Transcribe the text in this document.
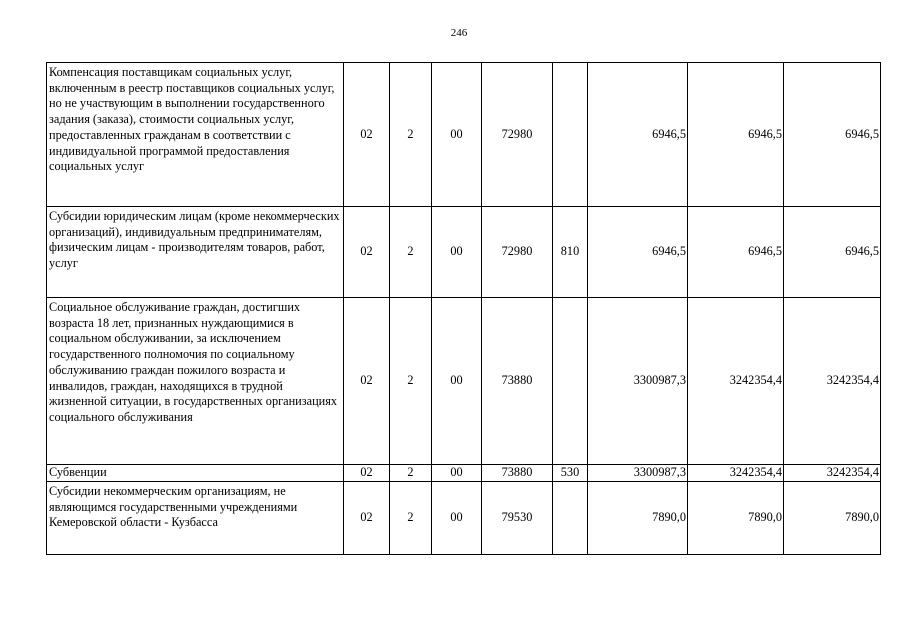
246
Компенсация поставщикам социальных услуг, включенным в реестр поставщиков социальных услуг, но не участвующим в выполнении государственного задания (заказа), стоимости социальных услуг, предоставленных гражданам в соответствии с индивидуальной программой предоставления социальных услуг	02	2	00	72980		6946,5	6946,5	6946,5
Субсидии юридическим лицам (кроме некоммерческих организаций), индивидуальным предпринимателям, физическим лицам - производителям товаров, работ, услуг	02	2	00	72980	810	6946,5	6946,5	6946,5
Социальное обслуживание граждан, достигших возраста 18 лет, признанных нуждающимися в социальном обслуживании, за исключением государственного полномочия по социальному обслуживанию граждан пожилого возраста и инвалидов, граждан, находящихся в трудной жизненной ситуации, в государственных организациях социального обслуживания	02	2	00	73880		3300987,3	3242354,4	3242354,4
Субвенции	02	2	00	73880	530	3300987,3	3242354,4	3242354,4
Субсидии некоммерческим организациям, не являющимся государственными учреждениями Кемеровской области - Кузбасса	02	2	00	79530		7890,0	7890,0	7890,0
